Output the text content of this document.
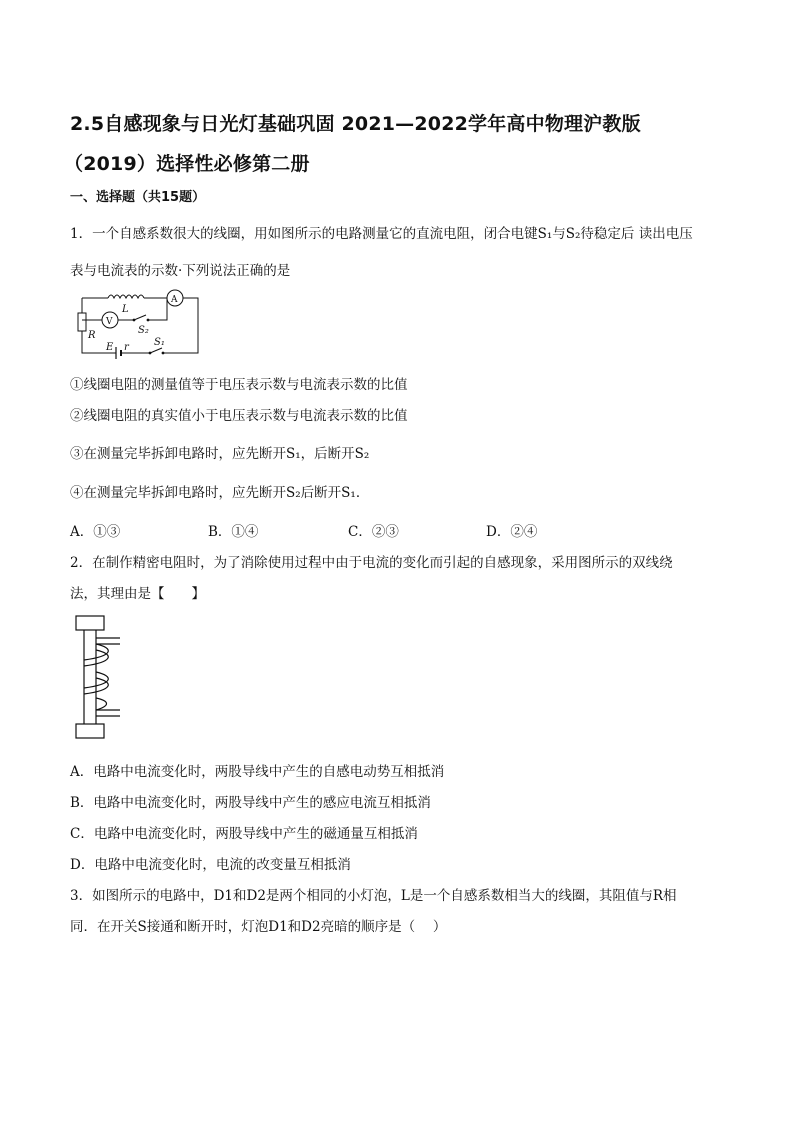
2.5自感现象与日光灯基础巩固 2021—2022学年高中物理沪教版
（2019）选择性必修第二册
一、选择题（共15题）
1．一个自感系数很大的线圈，用如图所示的电路测量它的直流电阻，闭合电键S₁与S₂待稳定后 读出电压
表与电流表的示数·下列说法正确的是
L
R
V
A
S₂
E r	S₁
①线圈电阻的测量值等于电压表示数与电流表示数的比值
②线圈电阻的真实值小于电压表示数与电流表示数的比值
③在测量完毕拆卸电路时，应先断开S₁，后断开S₂
④在测量完毕拆卸电路时，应先断开S₂后断开S₁．
A．①③	B．①④	C．②③	D．②④
2．在制作精密电阻时，为了消除使用过程中由于电流的变化而引起的自感现象，采用图所示的双线绕
法，其理由是【　　】
A．电路中电流变化时，两股导线中产生的自感电动势互相抵消
B．电路中电流变化时，两股导线中产生的感应电流互相抵消
C．电路中电流变化时，两股导线中产生的磁通量互相抵消
D．电路中电流变化时，电流的改变量互相抵消
3．如图所示的电路中，D1和D2是两个相同的小灯泡，L是一个自感系数相当大的线圈，其阻值与R相
同．在开关S接通和断开时，灯泡D1和D2亮暗的顺序是（　 ）
